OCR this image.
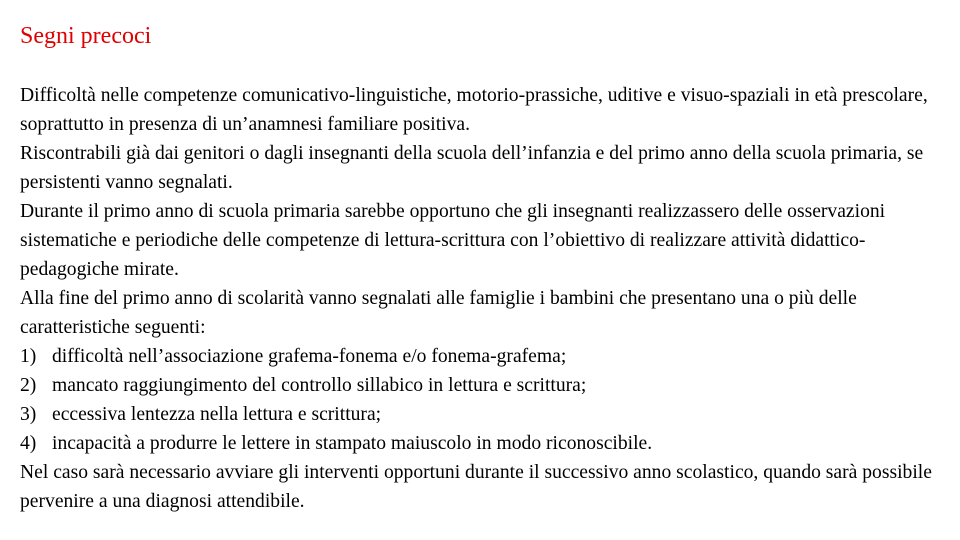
Segni precoci

Difficoltà nelle competenze comunicativo-linguistiche, motorio-prassiche, uditive e visuo-spaziali in età prescolare, soprattutto in presenza di un’anamnesi familiare positiva.

Riscontrabili già dai genitori o dagli insegnanti della scuola dell’infanzia e del primo anno della scuola primaria, se persistenti vanno segnalati.

Durante il primo anno di scuola primaria sarebbe opportuno che gli insegnanti realizzassero delle osservazioni sistematiche e periodiche delle competenze di lettura-scrittura con l’obiettivo di realizzare attività didattico-pedagogiche mirate.

Alla fine del primo anno di scolarità vanno segnalati alle famiglie i bambini che presentano una o più delle caratteristiche seguenti:

1) difficoltà nell’associazione grafema-fonema e/o fonema-grafema;
2) mancato raggiungimento del controllo sillabico in lettura e scrittura;
3) eccessiva lentezza nella lettura e scrittura;
4) incapacità a produrre le lettere in stampato maiuscolo in modo riconoscibile.

Nel caso sarà necessario avviare gli interventi opportuni durante il successivo anno scolastico, quando sarà possibile pervenire a una diagnosi attendibile.
